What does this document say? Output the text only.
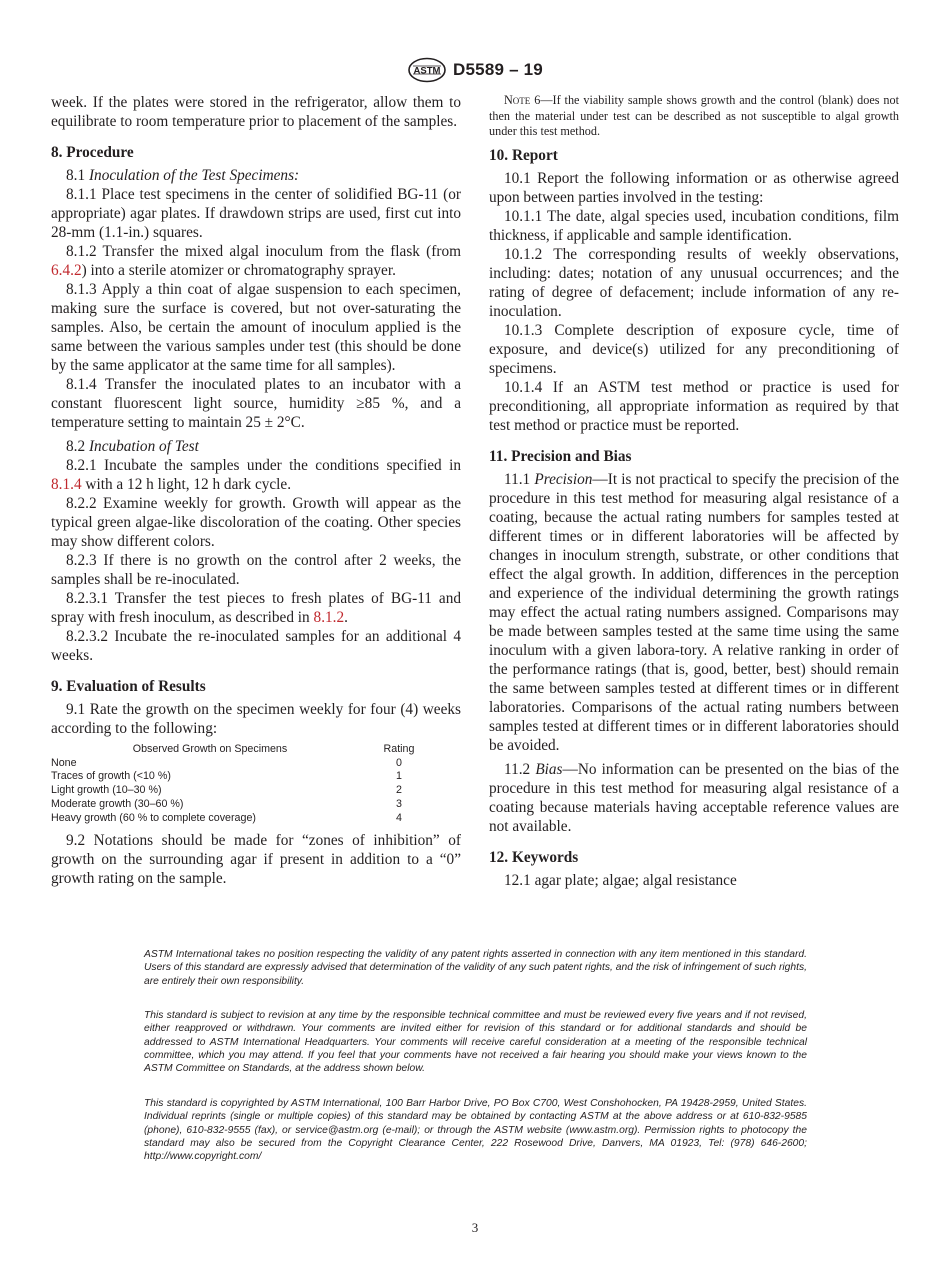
ASTM D5589 – 19

week. If the plates were stored in the refrigerator, allow them to equilibrate to room temperature prior to placement of the samples.

8. Procedure

8.1 Inoculation of the Test Specimens:

8.1.1 Place test specimens in the center of solidified BG-11 (or appropriate) agar plates. If drawdown strips are used, first cut into 28-mm (1.1-in.) squares.

8.1.2 Transfer the mixed algal inoculum from the flask (from 6.4.2) into a sterile atomizer or chromatography sprayer.

8.1.3 Apply a thin coat of algae suspension to each specimen, making sure the surface is covered, but not over-saturating the samples. Also, be certain the amount of inoculum applied is the same between the various samples under test (this should be done by the same applicator at the same time for all samples).

8.1.4 Transfer the inoculated plates to an incubator with a constant fluorescent light source, humidity ≥85 %, and a temperature setting to maintain 25 ± 2°C.

8.2 Incubation of Test

8.2.1 Incubate the samples under the conditions specified in 8.1.4 with a 12 h light, 12 h dark cycle.

8.2.2 Examine weekly for growth. Growth will appear as the typical green algae-like discoloration of the coating. Other species may show different colors.

8.2.3 If there is no growth on the control after 2 weeks, the samples shall be re-inoculated.

8.2.3.1 Transfer the test pieces to fresh plates of BG-11 and spray with fresh inoculum, as described in 8.1.2.

8.2.3.2 Incubate the re-inoculated samples for an additional 4 weeks.

9. Evaluation of Results

9.1 Rate the growth on the specimen weekly for four (4) weeks according to the following:

Observed Growth on Specimens	Rating
None	0
Traces of growth (<10 %)	1
Light growth (10–30 %)	2
Moderate growth (30–60 %)	3
Heavy growth (60 % to complete coverage)	4

9.2 Notations should be made for “zones of inhibition” of growth on the surrounding agar if present in addition to a “0” growth rating on the sample.

Note 6—If the viability sample shows growth and the control (blank) does not then the material under test can be described as not susceptible to algal growth under this test method.

10. Report

10.1 Report the following information or as otherwise agreed upon between parties involved in the testing:

10.1.1 The date, algal species used, incubation conditions, film thickness, if applicable and sample identification.

10.1.2 The corresponding results of weekly observations, including: dates; notation of any unusual occurrences; and the rating of degree of defacement; include information of any re-inoculation.

10.1.3 Complete description of exposure cycle, time of exposure, and device(s) utilized for any preconditioning of specimens.

10.1.4 If an ASTM test method or practice is used for preconditioning, all appropriate information as required by that test method or practice must be reported.

11. Precision and Bias

11.1 Precision—It is not practical to specify the precision of the procedure in this test method for measuring algal resistance of a coating, because the actual rating numbers for samples tested at different times or in different laboratories will be affected by changes in inoculum strength, substrate, or other conditions that effect the algal growth. In addition, differences in the perception and experience of the individual determining the growth ratings may effect the actual rating numbers assigned. Comparisons may be made between samples tested at the same time using the same inoculum with a given labora-tory. A relative ranking in order of the performance ratings (that is, good, better, best) should remain the same between samples tested at different times or in different laboratories. Comparisons of the actual rating numbers between samples tested at different times or in different laboratories should be avoided.

11.2 Bias—No information can be presented on the bias of the procedure in this test method for measuring algal resistance of a coating because materials having acceptable reference values are not available.

12. Keywords

12.1 agar plate; algae; algal resistance

ASTM International takes no position respecting the validity of any patent rights asserted in connection with any item mentioned in this standard. Users of this standard are expressly advised that determination of the validity of any such patent rights, and the risk of infringement of such rights, are entirely their own responsibility.

This standard is subject to revision at any time by the responsible technical committee and must be reviewed every five years and if not revised, either reapproved or withdrawn. Your comments are invited either for revision of this standard or for additional standards and should be addressed to ASTM International Headquarters. Your comments will receive careful consideration at a meeting of the responsible technical committee, which you may attend. If you feel that your comments have not received a fair hearing you should make your views known to the ASTM Committee on Standards, at the address shown below.

This standard is copyrighted by ASTM International, 100 Barr Harbor Drive, PO Box C700, West Conshohocken, PA 19428-2959, United States. Individual reprints (single or multiple copies) of this standard may be obtained by contacting ASTM at the above address or at 610-832-9585 (phone), 610-832-9555 (fax), or service@astm.org (e-mail); or through the ASTM website (www.astm.org). Permission rights to photocopy the standard may also be secured from the Copyright Clearance Center, 222 Rosewood Drive, Danvers, MA 01923, Tel: (978) 646-2600; http://www.copyright.com/

3
